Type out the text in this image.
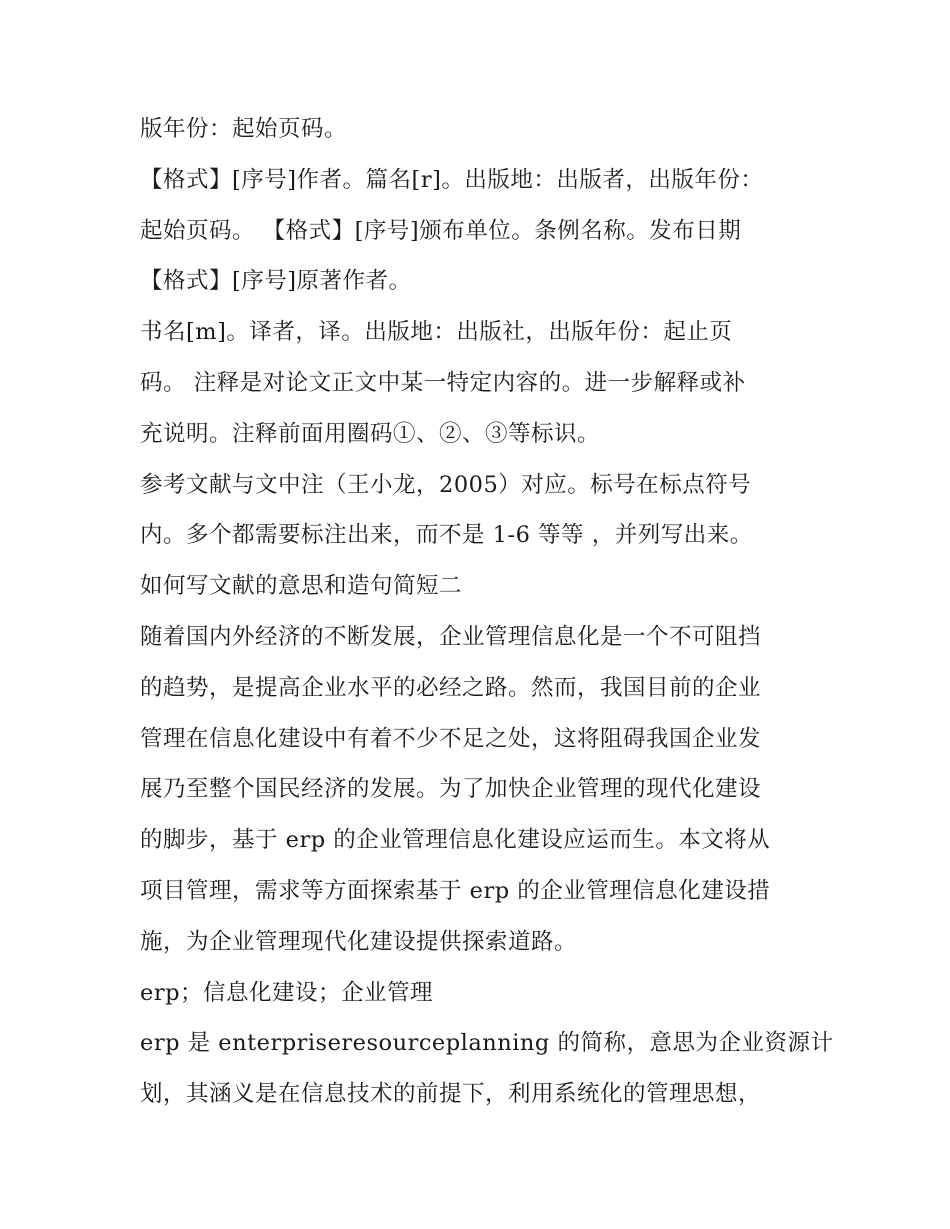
版年份：起始页码。
【格式】[序号]作者。篇名[r]。出版地：出版者，出版年份：
起始页码。 【格式】[序号]颁布单位。条例名称。发布日期
【格式】[序号]原著作者。
书名[m]。译者，译。出版地：出版社，出版年份：起止页
码。 注释是对论文正文中某一特定内容的。进一步解释或补
充说明。注释前面用圈码①、②、③等标识。
参考文献与文中注（王小龙，2005）对应。标号在标点符号
内。多个都需要标注出来，而不是 1-6 等等 ，并列写出来。
如何写文献的意思和造句简短二
随着国内外经济的不断发展，企业管理信息化是一个不可阻挡
的趋势，是提高企业水平的必经之路。然而，我国目前的企业
管理在信息化建设中有着不少不足之处，这将阻碍我国企业发
展乃至整个国民经济的发展。为了加快企业管理的现代化建设
的脚步，基于 erp 的企业管理信息化建设应运而生。本文将从
项目管理，需求等方面探索基于 erp 的企业管理信息化建设措
施，为企业管理现代化建设提供探索道路。
erp；信息化建设；企业管理
erp 是 enterpriseresourceplanning 的简称，意思为企业资源计
划，其涵义是在信息技术的前提下，利用系统化的管理思想，
